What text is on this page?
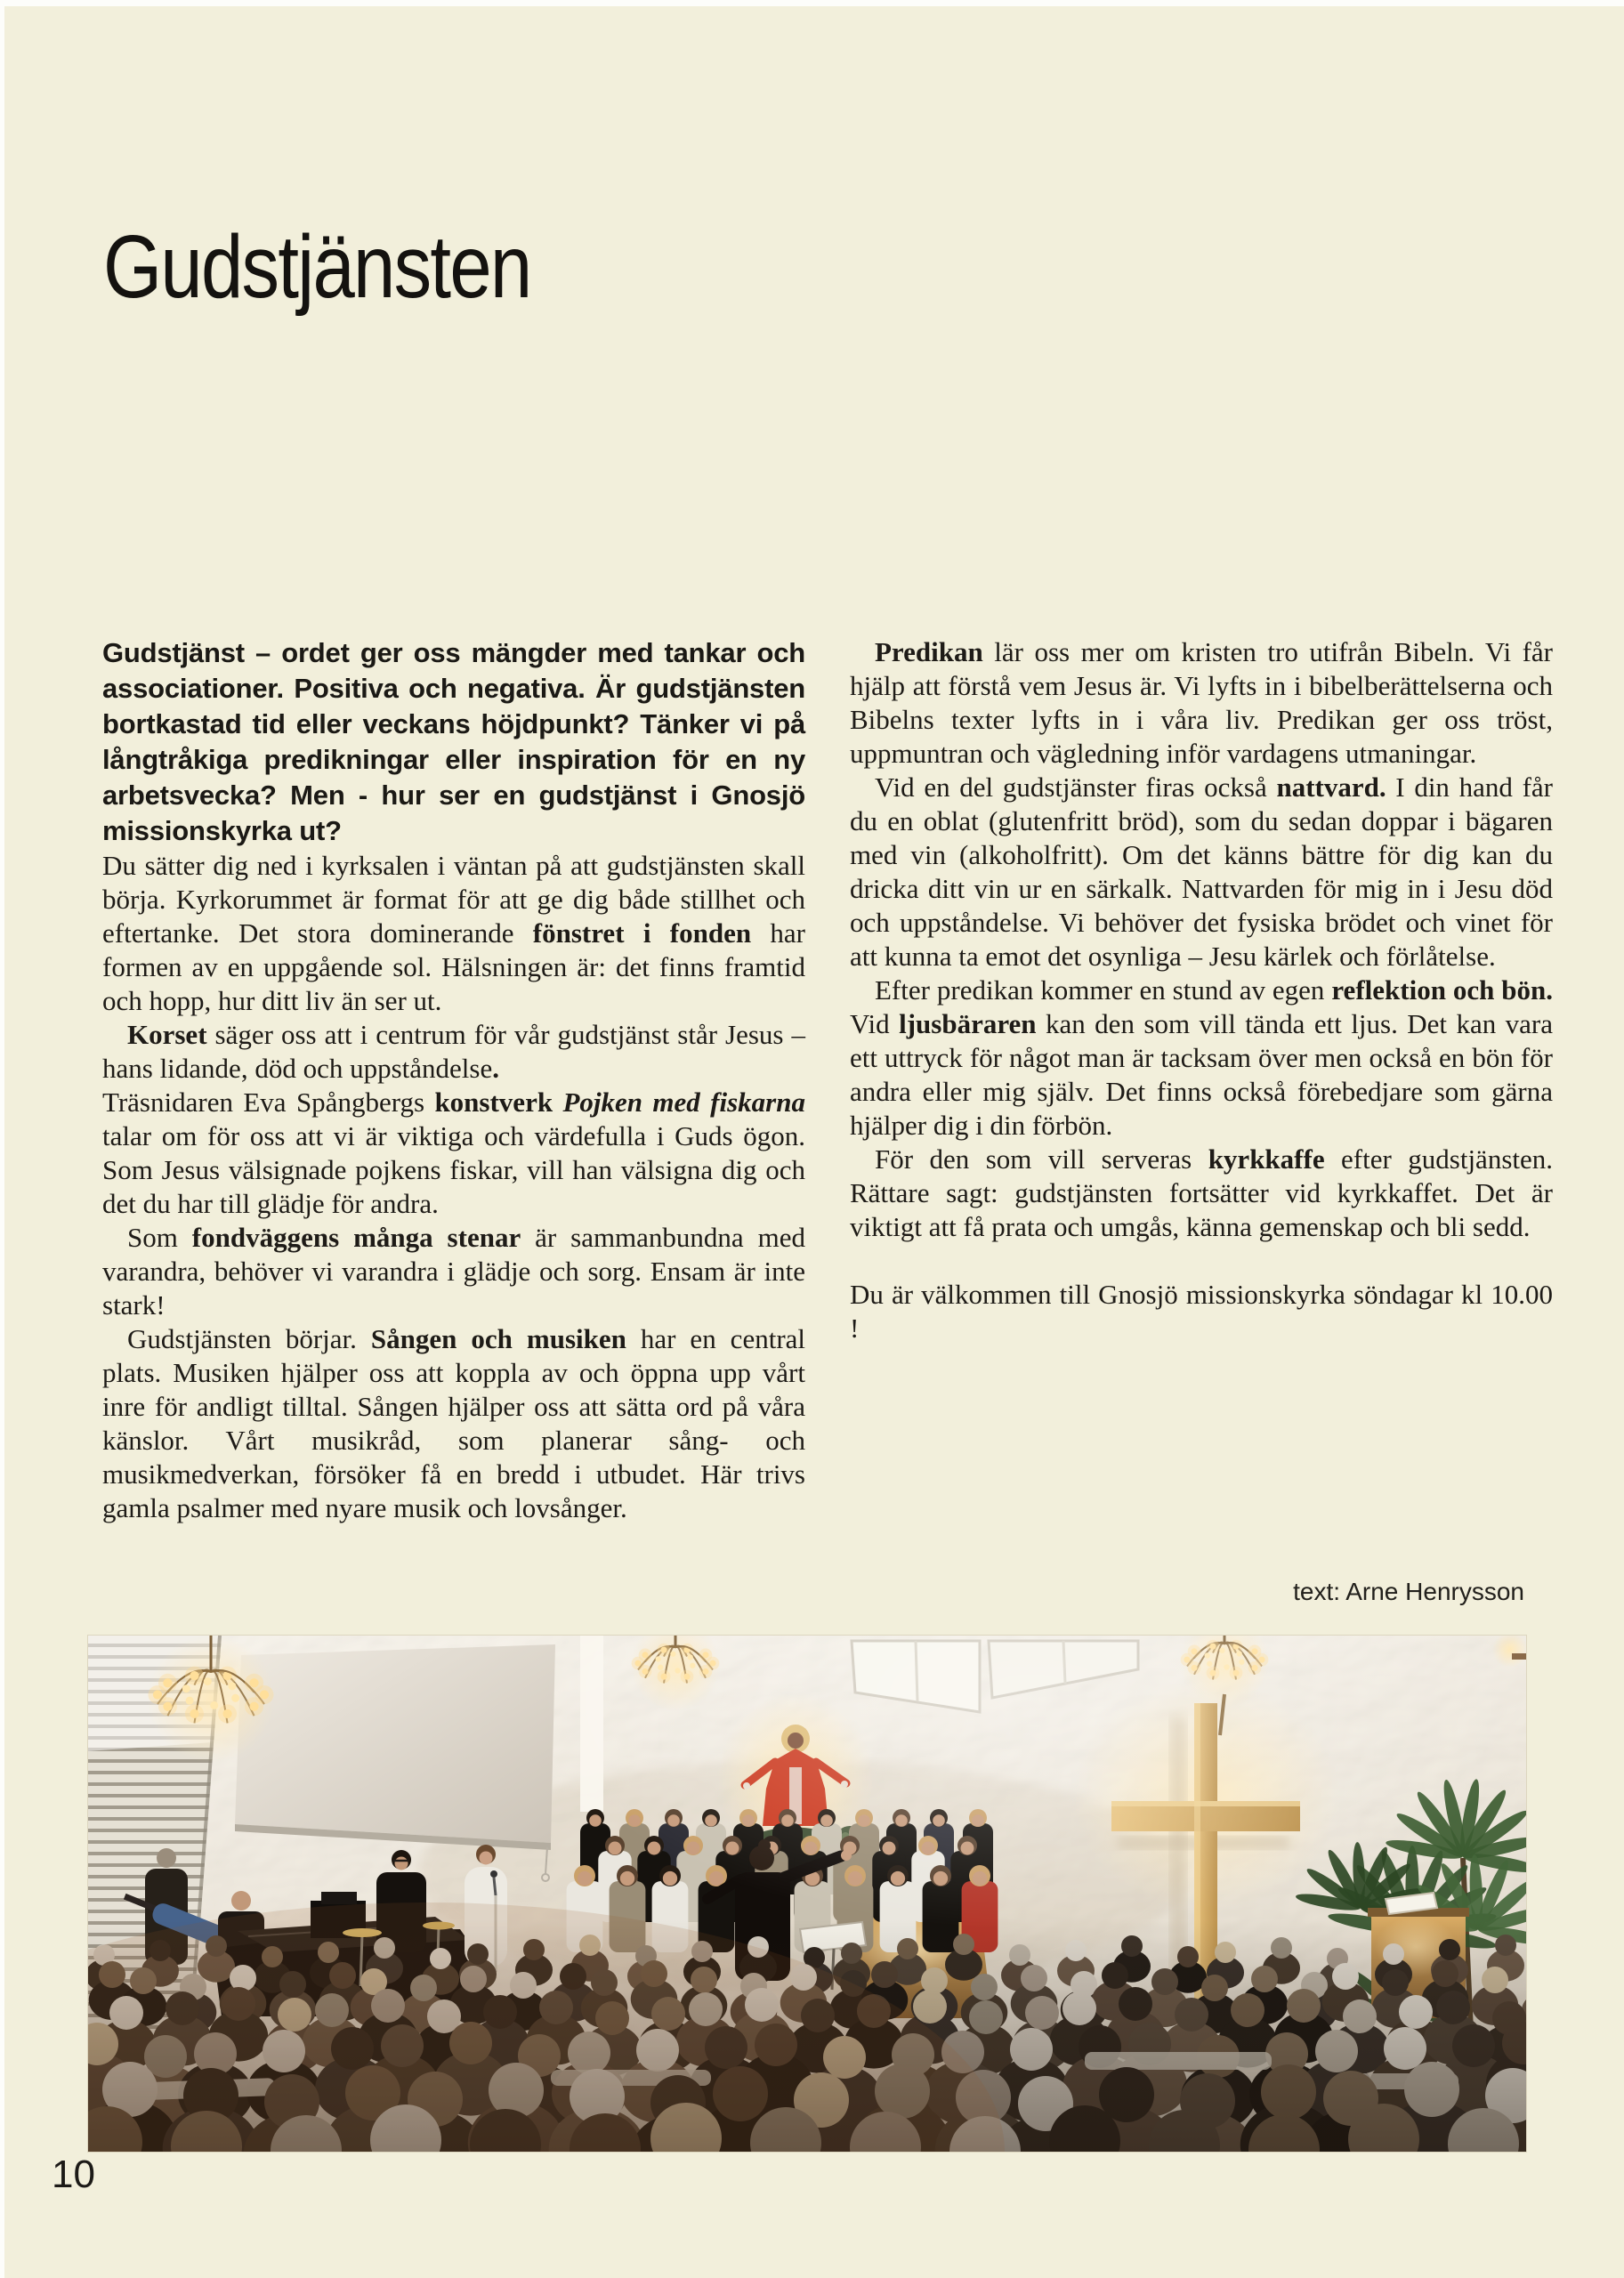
Gudstjänsten

Gudstjänst – ordet ger oss mängder med tankar och associationer. Positiva och negativa. Är gudstjänsten bortkastad tid eller veckans höjdpunkt? Tänker vi på långtråkiga predikningar eller inspiration för en ny arbetsvecka? Men - hur ser en gudstjänst i Gnosjö missionskyrka ut?

Du sätter dig ned i kyrksalen i väntan på att gudstjänsten skall börja. Kyrkorummet är format för att ge dig både stillhet och eftertanke. Det stora dominerande fönstret i fonden har formen av en uppgående sol. Hälsningen är: det finns framtid och hopp, hur ditt liv än ser ut.

Korset säger oss att i centrum för vår gudstjänst står Jesus – hans lidande, död och uppståndelse.

Träsnidaren Eva Spångbergs konstverk Pojken med fiskarna talar om för oss att vi är viktiga och värdefulla i Guds ögon. Som Jesus välsignade pojkens fiskar, vill han välsigna dig och det du har till glädje för andra.

Som fondväggens många stenar är sammanbundna med varandra, behöver vi varandra i glädje och sorg. Ensam är inte stark!

Gudstjänsten börjar. Sången och musiken har en central plats. Musiken hjälper oss att koppla av och öppna upp vårt inre för andligt tilltal. Sången hjälper oss att sätta ord på våra känslor. Vårt musikråd, som planerar sång- och musikmedverkan, försöker få en bredd i utbudet. Här trivs gamla psalmer med nyare musik och lovsånger.

Predikan lär oss mer om kristen tro utifrån Bibeln. Vi får hjälp att förstå vem Jesus är. Vi lyfts in i bibelberättelserna och Bibelns texter lyfts in i våra liv. Predikan ger oss tröst, uppmuntran och vägledning inför vardagens utmaningar.

Vid en del gudstjänster firas också nattvard. I din hand får du en oblat (glutenfritt bröd), som du sedan doppar i bägaren med vin (alkoholfritt). Om det känns bättre för dig kan du dricka ditt vin ur en särkalk. Nattvarden för mig in i Jesu död och uppståndelse. Vi behöver det fysiska brödet och vinet för att kunna ta emot det osynliga – Jesu kärlek och förlåtelse.

Efter predikan kommer en stund av egen reflektion och bön. Vid ljusbäraren kan den som vill tända ett ljus. Det kan vara ett uttryck för något man är tacksam över men också en bön för andra eller mig själv. Det finns också förebedjare som gärna hjälper dig i din förbön.

För den som vill serveras kyrkkaffe efter gudstjänsten. Rättare sagt: gudstjänsten fortsätter vid kyrkkaffet. Det är viktigt att få prata och umgås, känna gemenskap och bli sedd.

Du är välkommen till Gnosjö missionskyrka söndagar kl 10.00 !

text: Arne Henrysson

10
